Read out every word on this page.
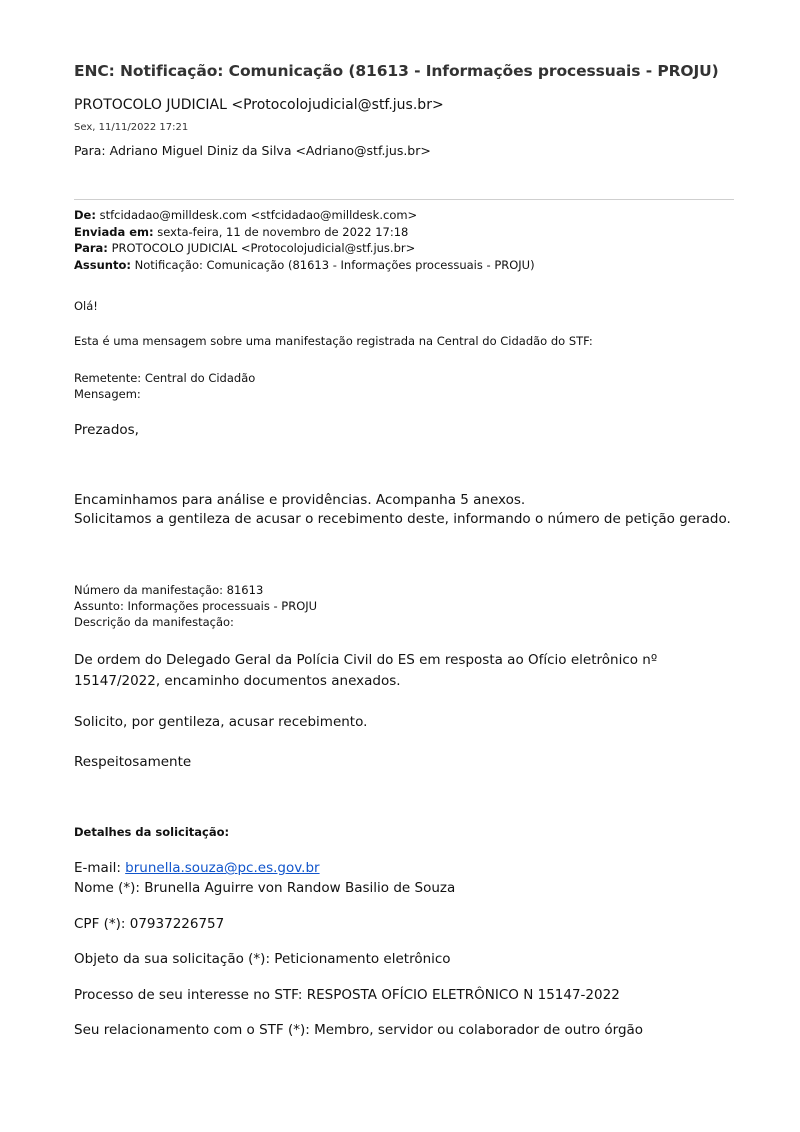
ENC: Notificação: Comunicação (81613 - Informações processuais - PROJU)
PROTOCOLO JUDICIAL <Protocolojudicial@stf.jus.br>
Sex, 11/11/2022 17:21
Para: Adriano Miguel Diniz da Silva <Adriano@stf.jus.br>
De: stfcidadao@milldesk.com <stfcidadao@milldesk.com>
Enviada em: sexta-feira, 11 de novembro de 2022 17:18
Para: PROTOCOLO JUDICIAL <Protocolojudicial@stf.jus.br>
Assunto: Notificação: Comunicação (81613 - Informações processuais - PROJU)
Olá!
Esta é uma mensagem sobre uma manifestação registrada na Central do Cidadão do STF:
Remetente: Central do Cidadão
Mensagem:
Prezados,
Encaminhamos para análise e providências. Acompanha 5 anexos.
Solicitamos a gentileza de acusar o recebimento deste, informando o número de petição gerado.
Número da manifestação: 81613
Assunto: Informações processuais - PROJU
Descrição da manifestação:
De ordem do Delegado Geral da Polícia Civil do ES em resposta ao Ofício eletrônico nº
15147/2022, encaminho documentos anexados.
Solicito, por gentileza, acusar recebimento.
Respeitosamente
Detalhes da solicitação:
E-mail: brunella.souza@pc.es.gov.br
Nome (*): Brunella Aguirre von Randow Basilio de Souza
CPF (*): 07937226757
Objeto da sua solicitação (*): Peticionamento eletrônico
Processo de seu interesse no STF: RESPOSTA OFÍCIO ELETRÔNICO N 15147-2022
Seu relacionamento com o STF (*): Membro, servidor ou colaborador de outro órgão
